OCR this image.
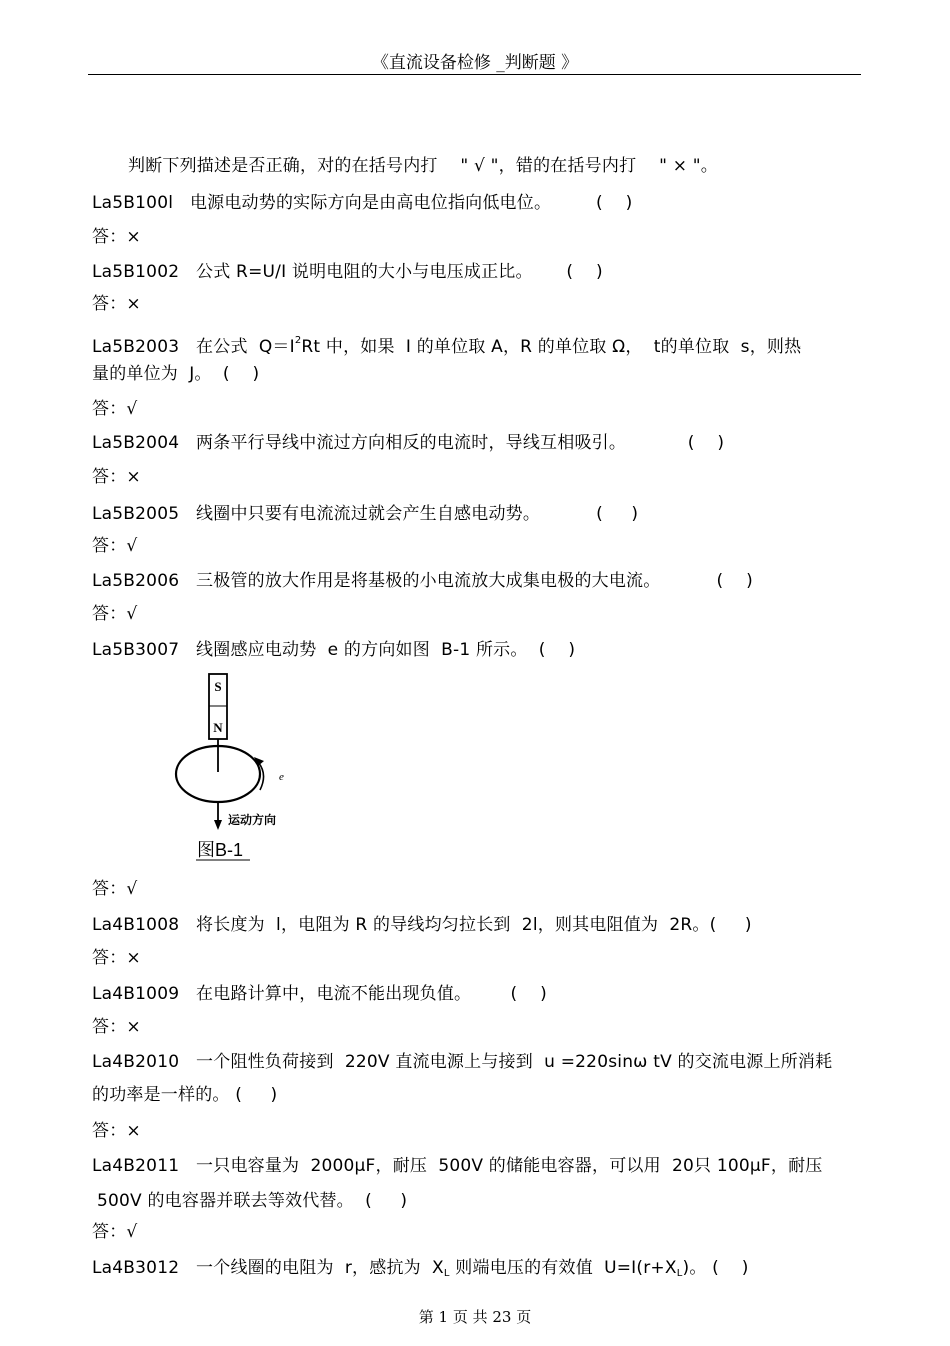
《直流设备检修 _判断题 》
判断下列描述是否正确，对的在括号内打 　" √ "，错的在括号内打 　" × "。
La5B100l 电源电动势的实际方向是由高电位指向低电位。	(　 )
答：×
La5B1002 公式 R=U/I 说明电阻的大小与电压成正比。 (　 )
答：×
La5B2003 在公式  $Q=I^2Rt$ 中，如果  I 的单位取 A，R 的单位取 Ω，  t的单位取  s，则热
量的单位为  J。  (　 )
答：√
La5B2004 两条平行导线中流过方向相反的电流时，导线互相吸引。	(　 )
答：×
La5B2005 线圈中只要有电流流过就会产生自感电动势。	(　  )
答：√
La5B2006 三极管的放大作用是将基极的小电流放大成集电极的大电流。	(　 )
答：√
La5B3007 线圈感应电动势  e 的方向如图  B-1 所示。 (　 )
S
N
e
运动方向
图B-1
答：√
La4B1008 将长度为  l，电阻为 R 的导线均匀拉长到  2l，则其电阻值为  2R。(　  )
答：×
La4B1009 在电路计算中，电流不能出现负值。 (　 )
答：×
La4B2010 一个阻性负荷接到  220V 直流电源上与接到  u =220sinω tV 的交流电源上所消耗
的功率是一样的。 (　  )
答：×
La4B2011 一只电容量为  2000μF，耐压  500V 的储能电容器，可以用  20只 100μF，耐压
500V 的电容器并联去等效代替。  (　  )
答：√
La4B3012 一个线圈的电阻为  r，感抗为  $X_L$ 则端电压的有效值  $U=I(r+X_L)$。 (　 )
第 1 页 共 23 页
